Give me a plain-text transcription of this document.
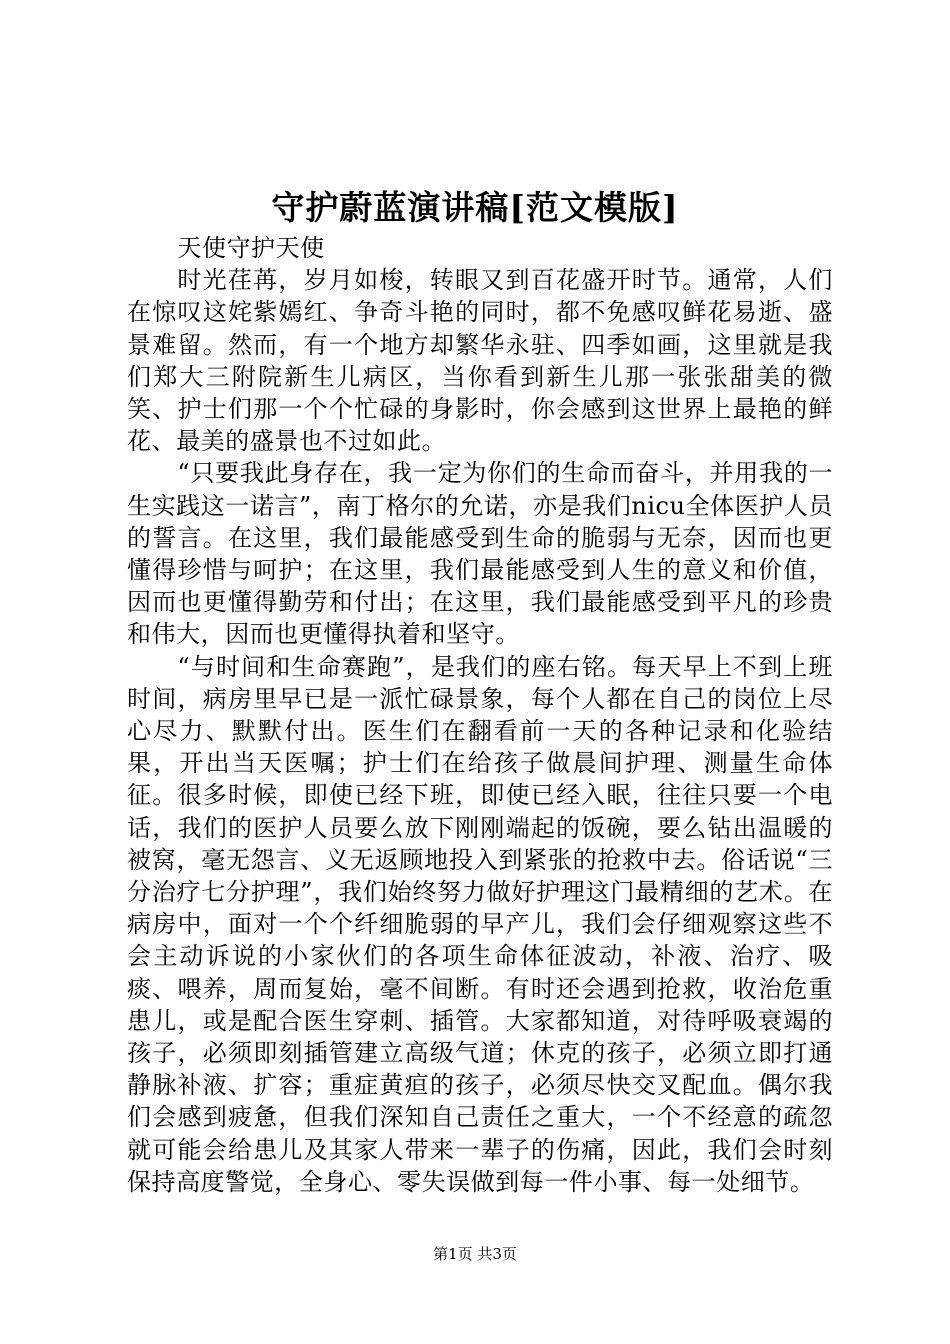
守护蔚蓝演讲稿[范文模版]

天使守护天使

时光荏苒，岁月如梭，转眼又到百花盛开时节。通常，人们在惊叹这姹紫嫣红、争奇斗艳的同时，都不免感叹鲜花易逝、盛景难留。然而，有一个地方却繁华永驻、四季如画，这里就是我们郑大三附院新生儿病区，当你看到新生儿那一张张甜美的微笑、护士们那一个个忙碌的身影时，你会感到这世界上最艳的鲜花、最美的盛景也不过如此。

“只要我此身存在，我一定为你们的生命而奋斗，并用我的一生实践这一诺言”，南丁格尔的允诺，亦是我们nicu全体医护人员的誓言。在这里，我们最能感受到生命的脆弱与无奈，因而也更懂得珍惜与呵护；在这里，我们最能感受到人生的意义和价值，因而也更懂得勤劳和付出；在这里，我们最能感受到平凡的珍贵和伟大，因而也更懂得执着和坚守。

“与时间和生命赛跑”，是我们的座右铭。每天早上不到上班时间，病房里早已是一派忙碌景象，每个人都在自己的岗位上尽心尽力、默默付出。医生们在翻看前一天的各种记录和化验结果，开出当天医嘱；护士们在给孩子做晨间护理、测量生命体征。很多时候，即使已经下班，即使已经入眠，往往只要一个电话，我们的医护人员要么放下刚刚端起的饭碗，要么钻出温暖的被窝，毫无怨言、义无返顾地投入到紧张的抢救中去。俗话说“三分治疗七分护理”，我们始终努力做好护理这门最精细的艺术。在病房中，面对一个个纤细脆弱的早产儿，我们会仔细观察这些不会主动诉说的小家伙们的各项生命体征波动，补液、治疗、吸痰、喂养，周而复始，毫不间断。有时还会遇到抢救，收治危重患儿，或是配合医生穿刺、插管。大家都知道，对待呼吸衰竭的孩子，必须即刻插管建立高级气道；休克的孩子，必须立即打通静脉补液、扩容；重症黄疸的孩子，必须尽快交叉配血。偶尔我们会感到疲惫，但我们深知自己责任之重大，一个不经意的疏忽就可能会给患儿及其家人带来一辈子的伤痛，因此，我们会时刻保持高度警觉，全身心、零失误做到每一件小事、每一处细节。

第1页 共3页
